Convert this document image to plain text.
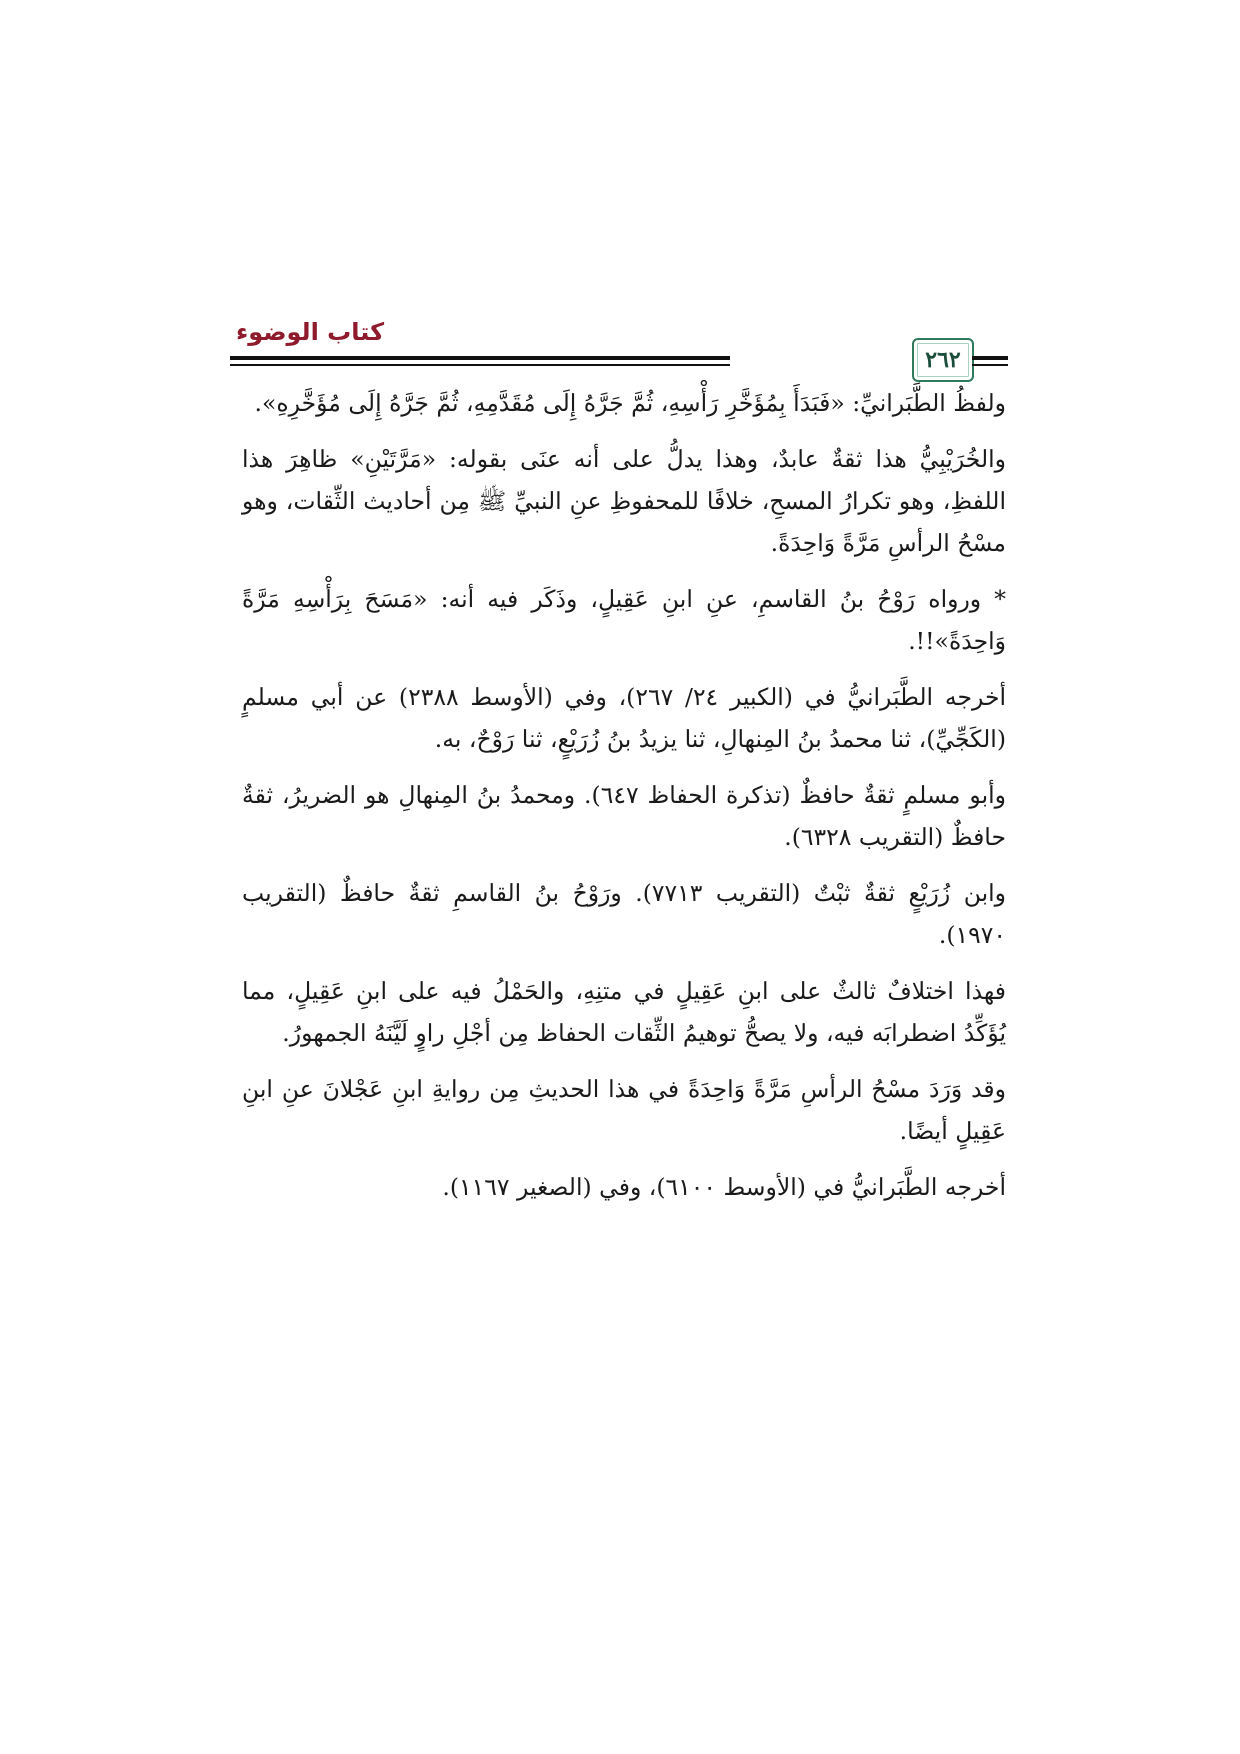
كتاب الوضوء
٢٦٢

ولفظُ الطَّبَرانيِّ: «فَبَدَأَ بِمُؤَخَّرِ رَأْسِهِ، ثُمَّ جَرَّهُ إِلَى مُقَدَّمِهِ، ثُمَّ جَرَّهُ إِلَى مُؤَخَّرِهِ».

والخُرَيْبِيُّ هذا ثقةٌ عابدٌ، وهذا يدلُّ على أنه عنَى بقوله: «مَرَّتَيْنِ» ظاهِرَ هذا اللفظِ، وهو تكرارُ المسحِ، خلافًا للمحفوظِ عنِ النبيِّ ﷺ مِن أحاديث الثِّقات، وهو مسْحُ الرأسِ مَرَّةً وَاحِدَةً.

* ورواه رَوْحُ بنُ القاسمِ، عنِ ابنِ عَقِيلٍ، وذَكَر فيه أنه: «مَسَحَ بِرَأْسِهِ مَرَّةً وَاحِدَةً»!!.

أخرجه الطَّبَرانيُّ في (الكبير ٢٤/ ٢٦٧)، وفي (الأوسط ٢٣٨٨) عن أبي مسلمٍ (الكَجِّيِّ)، ثنا محمدُ بنُ المِنهالِ، ثنا يزيدُ بنُ زُرَيْعٍ، ثنا رَوْحٌ، به.

وأبو مسلمٍ ثقةٌ حافظٌ (تذكرة الحفاظ ٦٤٧). ومحمدُ بنُ المِنهالِ هو الضريرُ، ثقةٌ حافظٌ (التقريب ٦٣٢٨).

وابن زُرَيْعٍ ثقةٌ ثبْتٌ (التقريب ٧٧١٣). ورَوْحُ بنُ القاسمِ ثقةٌ حافظٌ (التقريب ١٩٧٠).

فهذا اختلافٌ ثالثٌ على ابنِ عَقِيلٍ في متنِهِ، والحَمْلُ فيه على ابنِ عَقِيلٍ، مما يُؤَكِّدُ اضطرابَه فيه، ولا يصحُّ توهيمُ الثِّقات الحفاظ مِن أجْلِ راوٍ لَيَّنَهُ الجمهورُ.

وقد وَرَدَ مسْحُ الرأسِ مَرَّةً وَاحِدَةً في هذا الحديثِ مِن روايةِ ابنِ عَجْلانَ عنِ ابنِ عَقِيلٍ أيضًا.

أخرجه الطَّبَرانيُّ في (الأوسط ٦١٠٠)، وفي (الصغير ١١٦٧).
